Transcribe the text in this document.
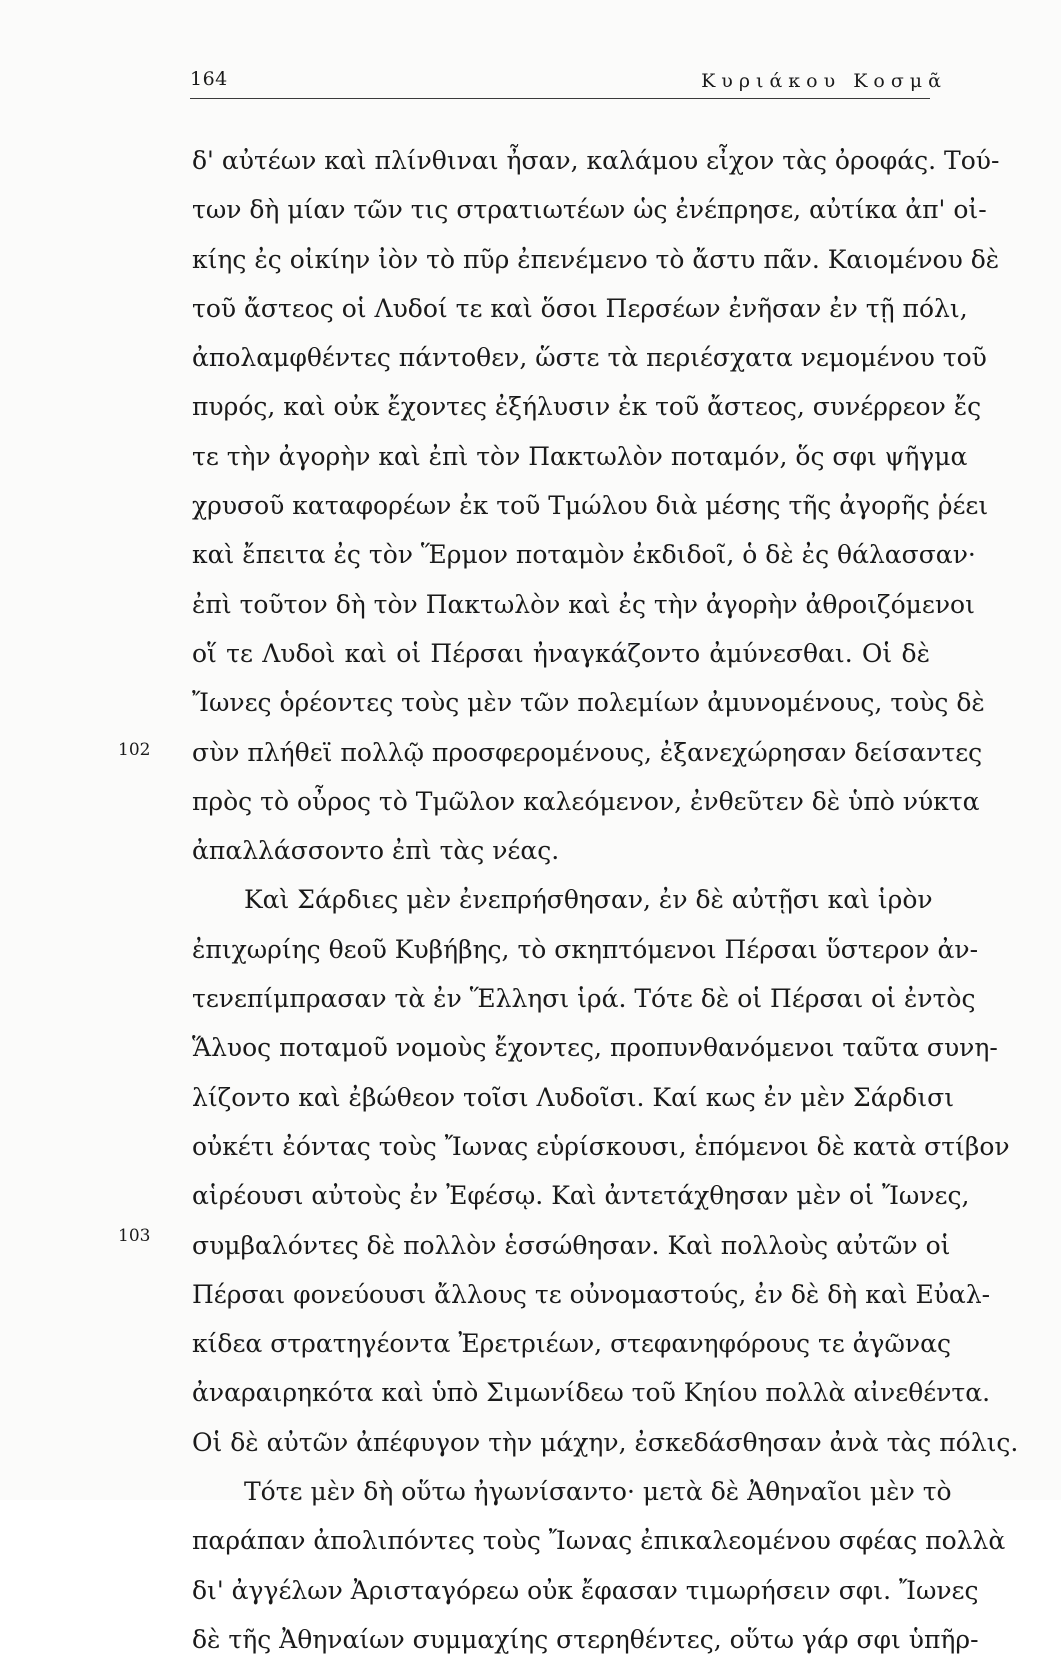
164	Κυριάκου Κοσμᾶ
102
103
δ' αὐτέων καὶ πλίνθιναι ἦσαν, καλάμου εἶχον τὰς ὀροφάς. Τού-
των δὴ μίαν τῶν τις στρατιωτέων ὡς ἐνέπρησε, αὐτίκα ἀπ' οἰ-
κίης ἐς οἰκίην ἰὸν τὸ πῦρ ἐπενέμενο τὸ ἄστυ πᾶν. Καιομένου δὲ
τοῦ ἄστεος οἱ Λυδοί τε καὶ ὅσοι Περσέων ἐνῆσαν ἐν τῇ πόλι,
ἀπολαμφθέντες πάντοθεν, ὥστε τὰ περιέσχατα νεμομένου τοῦ
πυρός, καὶ οὐκ ἔχοντες ἐξήλυσιν ἐκ τοῦ ἄστεος, συνέρρεον ἔς
τε τὴν ἀγορὴν καὶ ἐπὶ τὸν Πακτωλὸν ποταμόν, ὅς σφι ψῆγμα
χρυσοῦ καταφορέων ἐκ τοῦ Τμώλου διὰ μέσης τῆς ἀγορῆς ῥέει
καὶ ἔπειτα ἐς τὸν Ἕρμον ποταμὸν ἐκδιδοῖ, ὁ δὲ ἐς θάλασσαν·
ἐπὶ τοῦτον δὴ τὸν Πακτωλὸν καὶ ἐς τὴν ἀγορὴν ἀθροιζόμενοι
οἵ τε Λυδοὶ καὶ οἱ Πέρσαι ἠναγκάζοντο ἀμύνεσθαι. Οἱ δὲ
Ἴωνες ὁρέοντες τοὺς μὲν τῶν πολεμίων ἀμυνομένους, τοὺς δὲ
σὺν πλήθεϊ πολλῷ προσφερομένους, ἐξανεχώρησαν δείσαντες
πρὸς τὸ οὖρος τὸ Τμῶλον καλεόμενον, ἐνθεῦτεν δὲ ὑπὸ νύκτα
ἀπαλλάσσοντο ἐπὶ τὰς νέας.
Καὶ Σάρδιες μὲν ἐνεπρήσθησαν, ἐν δὲ αὐτῇσι καὶ ἱρὸν
ἐπιχωρίης θεοῦ Κυβήβης, τὸ σκηπτόμενοι Πέρσαι ὕστερον ἀν-
τενεπίμπρασαν τὰ ἐν Ἕλλησι ἱρά. Τότε δὲ οἱ Πέρσαι οἱ ἐντὸς
Ἅλυος ποταμοῦ νομοὺς ἔχοντες, προπυνθανόμενοι ταῦτα συνη-
λίζοντο καὶ ἐβώθεον τοῖσι Λυδοῖσι. Καί κως ἐν μὲν Σάρδισι
οὐκέτι ἐόντας τοὺς Ἴωνας εὑρίσκουσι, ἑπόμενοι δὲ κατὰ στίβον
αἱρέουσι αὐτοὺς ἐν Ἐφέσῳ. Καὶ ἀντετάχθησαν μὲν οἱ Ἴωνες,
συμβαλόντες δὲ πολλὸν ἑσσώθησαν. Καὶ πολλοὺς αὐτῶν οἱ
Πέρσαι φονεύουσι ἄλλους τε οὐνομαστούς, ἐν δὲ δὴ καὶ Εὐαλ-
κίδεα στρατηγέοντα Ἐρετριέων, στεφανηφόρους τε ἀγῶνας
ἀναραιρηκότα καὶ ὑπὸ Σιμωνίδεω τοῦ Κηίου πολλὰ αἰνεθέντα.
Οἱ δὲ αὐτῶν ἀπέφυγον τὴν μάχην, ἐσκεδάσθησαν ἀνὰ τὰς πόλις.
Τότε μὲν δὴ οὕτω ἠγωνίσαντο· μετὰ δὲ Ἀθηναῖοι μὲν τὸ
παράπαν ἀπολιπόντες τοὺς Ἴωνας ἐπικαλεομένου σφέας πολλὰ
δι' ἀγγέλων Ἀρισταγόρεω οὐκ ἔφασαν τιμωρήσειν σφι. Ἴωνες
δὲ τῆς Ἀθηναίων συμμαχίης στερηθέντες, οὕτω γάρ σφι ὑπῆρ-
